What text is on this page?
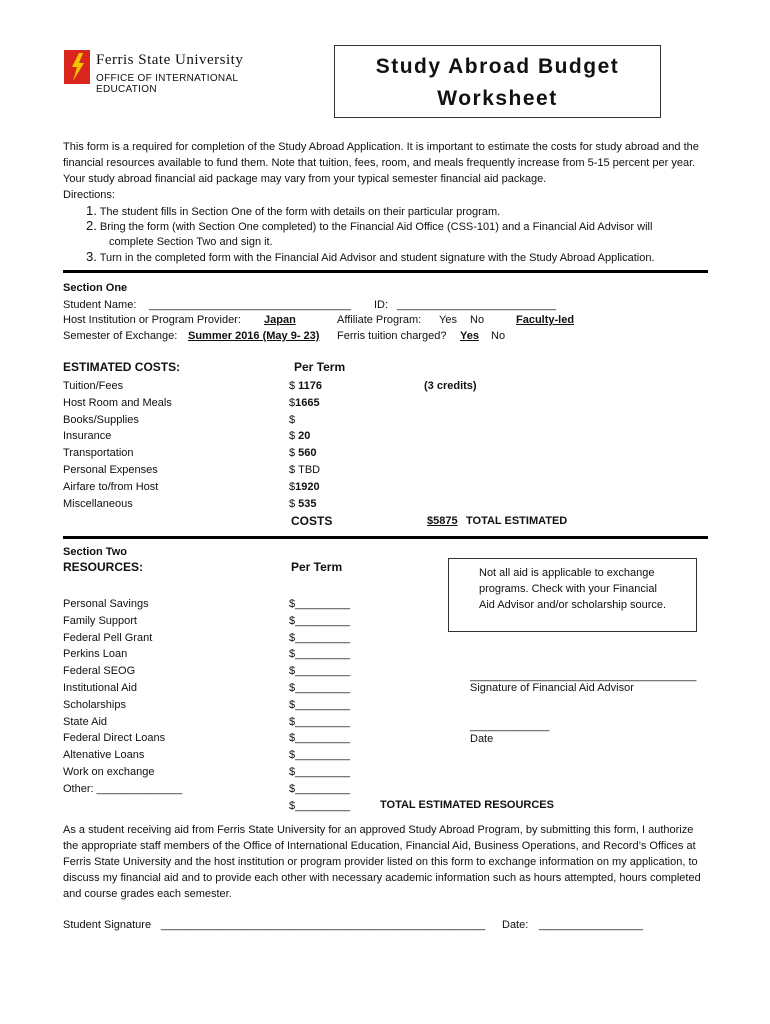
Ferris State University
OFFICE OF INTERNATIONAL EDUCATION
Study Abroad Budget
Worksheet
This form is a required for completion of the Study Abroad Application. It is important to estimate the costs for study abroad and the financial resources available to fund them. Note that tuition, fees, room, and meals frequently increase from 5-15 percent per year. Your study abroad financial aid package may vary from your typical semester financial aid package.
Directions:
1. The student fills in Section One of the form with details on their particular program.
2. Bring the form (with Section One completed) to the Financial Aid Office (CSS-101) and a Financial Aid Advisor will
complete Section Two and sign it.
3. Turn in the completed form with the Financial Aid Advisor and student signature with the Study Abroad Application.
Section One
Student Name: _________________________________ ID: __________________________
Host Institution or Program Provider: Japan	Affiliate Program: Yes No	Faculty-led
Semester of Exchange: Summer 2016 (May 9- 23) Ferris tuition charged? Yes No
ESTIMATED COSTS:	Per Term
Tuition/Fees	$ 1176	(3 credits)
Host Room and Meals	$1665
Books/Supplies	$
Insurance	$ 20
Transportation	$ 560
Personal Expenses	$ TBD
Airfare to/from Host	$1920
Miscellaneous	$ 535
COSTS	$5875 TOTAL ESTIMATED
Section Two
RESOURCES:	Per Term	Not all aid is applicable to exchange
programs. Check with your Financial
Aid Advisor and/or scholarship source.
Personal Savings	$_________
Family Support	$_________
Federal Pell Grant	$_________
Perkins Loan	$_________
Federal SEOG	$_________
Institutional Aid	$_________
Scholarships	$_________
State Aid	$_________
Federal Direct Loans	$_________
Altenative Loans	$_________
Work on exchange	$_________
Other: ______________	$_________
$_________	TOTAL ESTIMATED RESOURCES
_____________________________________
Signature of Financial Aid Advisor
_____________
Date
As a student receiving aid from Ferris State University for an approved Study Abroad Program, by submitting this form, I authorize the appropriate staff members of the Office of International Education, Financial Aid, Business Operations, and Record’s Offices at Ferris State University and the host institution or program provider listed on this form to exchange information on my application, to discuss my financial aid and to provide each other with necessary academic information such as hours attempted, hours completed and course grades each semester.
Student Signature _____________________________________________________ Date: _________________
